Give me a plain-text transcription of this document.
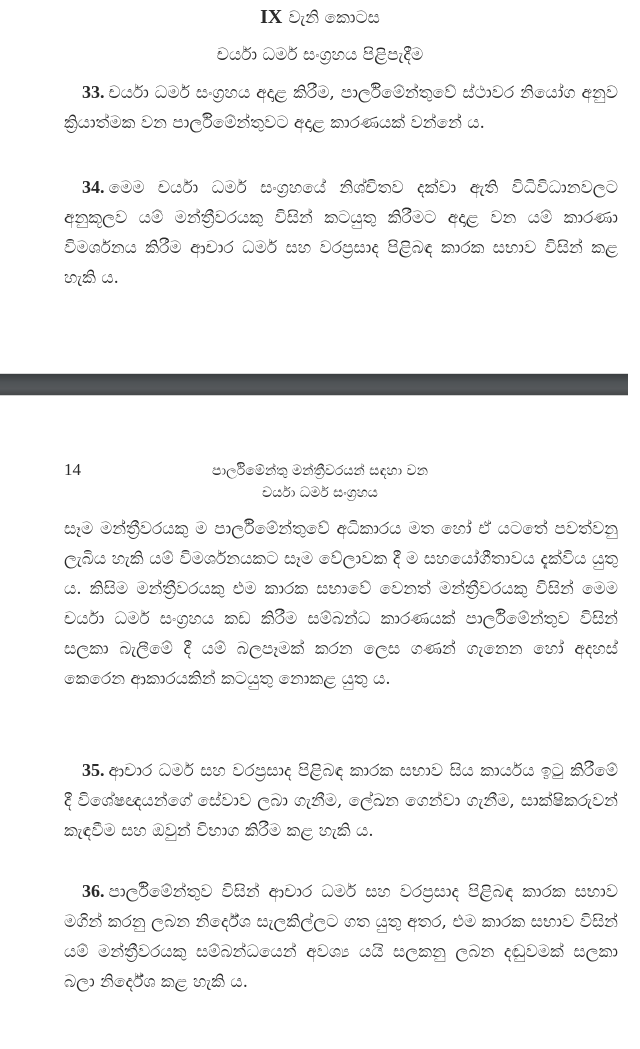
IX වැනි කොටස
චර්යා ධර්ම සංග්‍රහය පිළිපැදීම
33. චර්යා ධර්ම සංග්‍රහය අදාළ කිරීම, පාර්ලිමේන්තුවේ ස්ථාවර නියෝග අනුව ක්‍රියාත්මක වන පාර්ලිමේන්තුවට අදාළ කාරණයක් වන්නේ ය.
34. මෙම චර්යා ධර්ම සංග්‍රහයේ නිශ්චිතව දක්වා ඇති විධිවිධානවලට අනුකූලව යම් මන්ත්‍රීවරයකු විසින් කටයුතු කිරීමට අදාළ වන යම් කාරණා විමර්ශනය කිරීම ආචාර ධර්ම සහ වරප්‍රසාද පිළිබඳ කාරක සභාව විසින් කළ හැකි ය.
14	පාර්ලිමේන්තු මන්ත්‍රීවරයන් සඳහා වන
චර්යා ධර්ම සංග්‍රහය
සෑම මන්ත්‍රීවරයකු ම පාර්ලිමේන්තුවේ අධිකාරය මත හෝ ඒ යටතේ පවත්වනු ලැබිය හැකි යම් විමර්ශනයකට සෑම වේලාවක දී ම සහයෝගීතාවය දැක්විය යුතු ය. කිසිම මන්ත්‍රීවරයකු එම කාරක සභාවේ වෙනත් මන්ත්‍රීවරයකු විසින් මෙම චර්යා ධර්ම සංග්‍රහය කඩ කිරීම සම්බන්ධ කාරණයක් පාර්ලිමේන්තුව විසින් සලකා බැලීමේ දී යම් බලපෑමක් කරන ලෙස ගණන් ගැනෙන හෝ අදහස් කෙරෙන ආකාරයකින් කටයුතු නොකළ යුතු ය.
35. ආචාර ධර්ම සහ වරප්‍රසාද පිළිබඳ කාරක සභාව සිය කාර්යය ඉටු කිරීමේ දී විශේෂඥයන්ගේ සේවාව ලබා ගැනීම, ලේඛන ගෙන්වා ගැනීම, සාක්ෂිකරුවන් කැඳවීම සහ ඔවුන් විභාග කිරීම කළ හැකි ය.
36. පාර්ලිමේන්තුව විසින් ආචාර ධර්ම සහ වරප්‍රසාද පිළිබඳ කාරක සභාව මගින් කරනු ලබන නිර්දේශ සැලකිල්ලට ගත යුතු අතර, එම කාරක සභාව විසින් යම් මන්ත්‍රීවරයකු සම්බන්ධයෙන් අවශ්‍ය යයි සලකනු ලබන දඬුවමක් සලකා බලා නිර්දේශ කළ හැකි ය.
